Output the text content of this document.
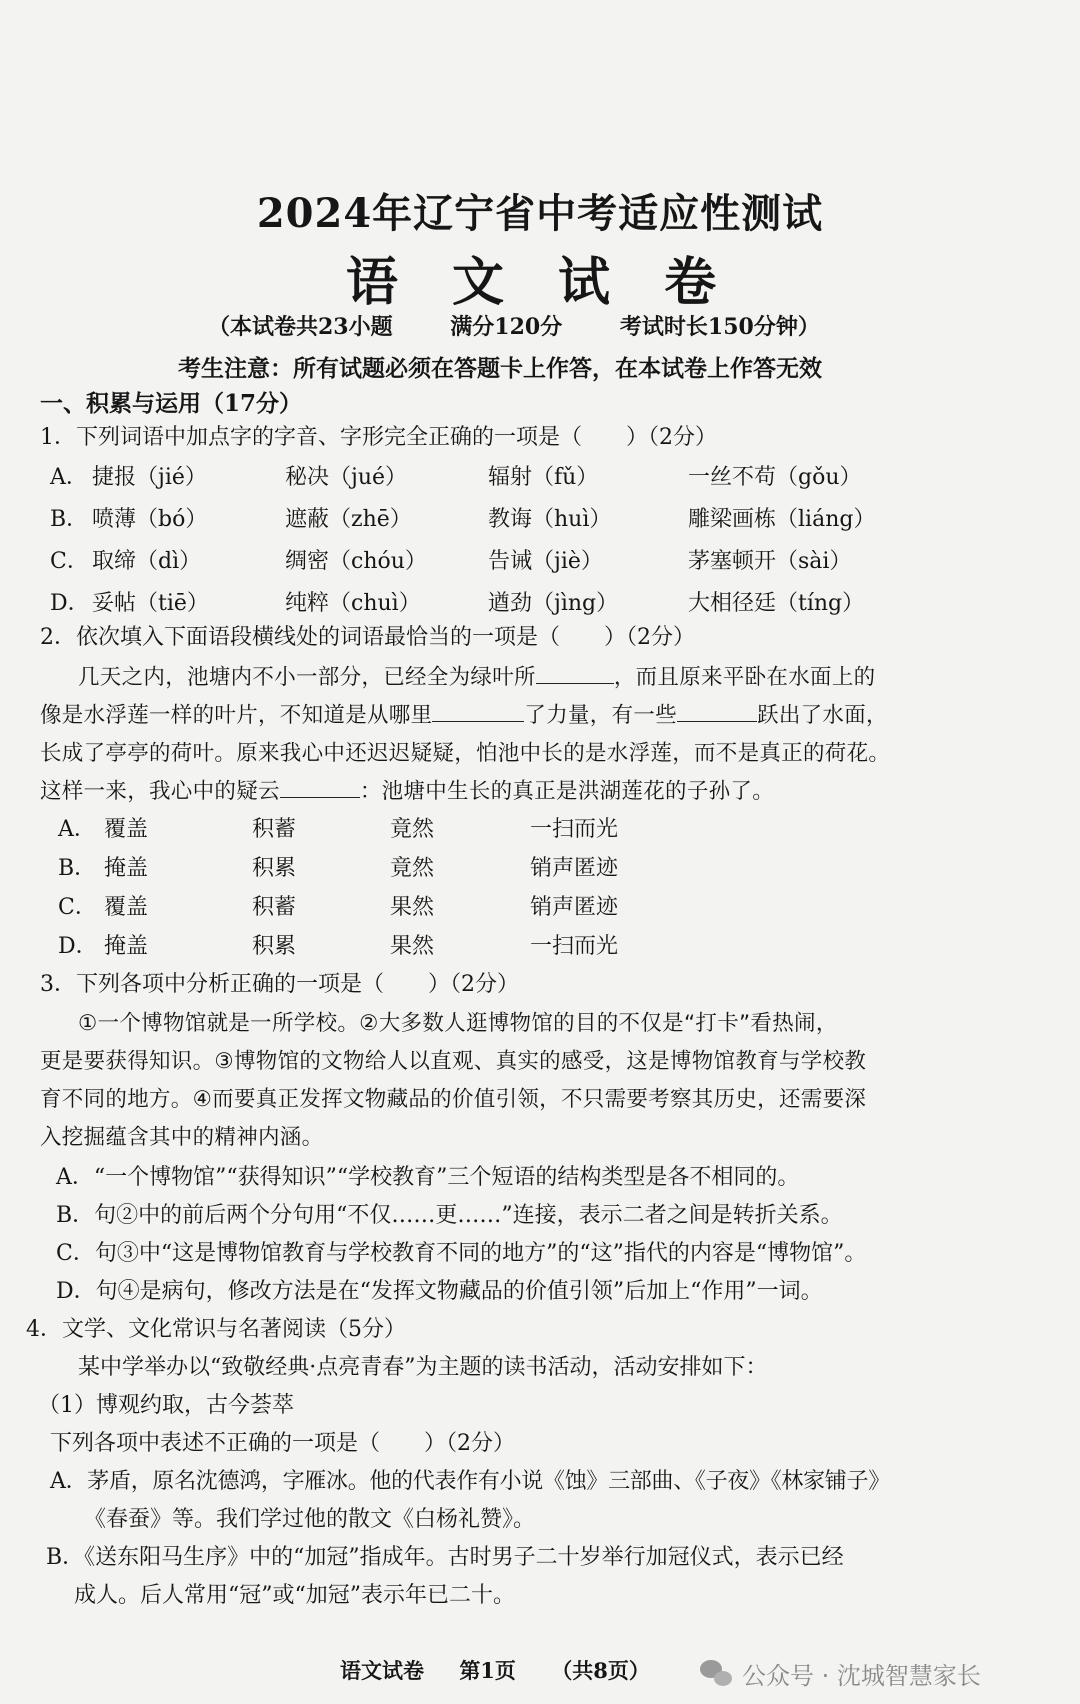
2024年辽宁省中考适应性测试
语 文 试 卷
（本试卷共23小题	满分120分	考试时长150分钟）
考生注意：所有试题必须在答题卡上作答，在本试卷上作答无效
一、积累与运用（17分）
1．下列词语中加点字的字音、字形完全正确的一项是（　　）（2分）
A． 捷报（jié）	秘决（jué）	辐射（fǔ）	一丝不苟（gǒu）
B． 喷薄（bó）	遮蔽（zhē）	教诲（huì）	雕梁画栋（liáng）
C． 取缔（dì）	绸密（chóu）	告诫（jiè）	茅塞顿开（sài）
D． 妥帖（tiē）	纯粹（chuì）	遒劲（jìng）	大相径廷（tíng）
2．依次填入下面语段横线处的词语最恰当的一项是（　　）（2分）
几天之内，池塘内不小一部分，已经全为绿叶所	，而且原来平卧在水面上的
像是水浮莲一样的叶片，不知道是从哪里	了力量，有一些	跃出了水面，
长成了亭亭的荷叶。原来我心中还迟迟疑疑，怕池中长的是水浮莲，而不是真正的荷花。
这样一来，我心中的疑云	：池塘中生长的真正是洪湖莲花的子孙了。
A． 覆盖	积蓄	竟然	一扫而光
B． 掩盖	积累	竟然	销声匿迹
C． 覆盖	积蓄	果然	销声匿迹
D． 掩盖	积累	果然	一扫而光
3．下列各项中分析正确的一项是（　　）（2分）
①一个博物馆就是一所学校。②大多数人逛博物馆的目的不仅是“打卡”看热闹，
更是要获得知识。③博物馆的文物给人以直观、真实的感受，这是博物馆教育与学校教
育不同的地方。④而要真正发挥文物藏品的价值引领，不只需要考察其历史，还需要深
入挖掘蕴含其中的精神内涵。
A．“一个博物馆”“获得知识”“学校教育”三个短语的结构类型是各不相同的。
B．句②中的前后两个分句用“不仅……更……”连接，表示二者之间是转折关系。
C．句③中“这是博物馆教育与学校教育不同的地方”的“这”指代的内容是“博物馆”。
D．句④是病句，修改方法是在“发挥文物藏品的价值引领”后加上“作用”一词。
4．文学、文化常识与名著阅读（5分）
某中学举办以“致敬经典·点亮青春”为主题的读书活动，活动安排如下：
（1）博观约取，古今荟萃
下列各项中表述不正确的一项是（　　）（2分）
A．茅盾，原名沈德鸿，字雁冰。他的代表作有小说《蚀》三部曲、《子夜》《林家铺子》
《春蚕》等。我们学过他的散文《白杨礼赞》。
B．《送东阳马生序》中的“加冠”指成年。古时男子二十岁举行加冠仪式，表示已经
成人。后人常用“冠”或“加冠”表示年已二十。
语文试卷 第1页 （共8页）	公众号 · 沈城智慧家长
